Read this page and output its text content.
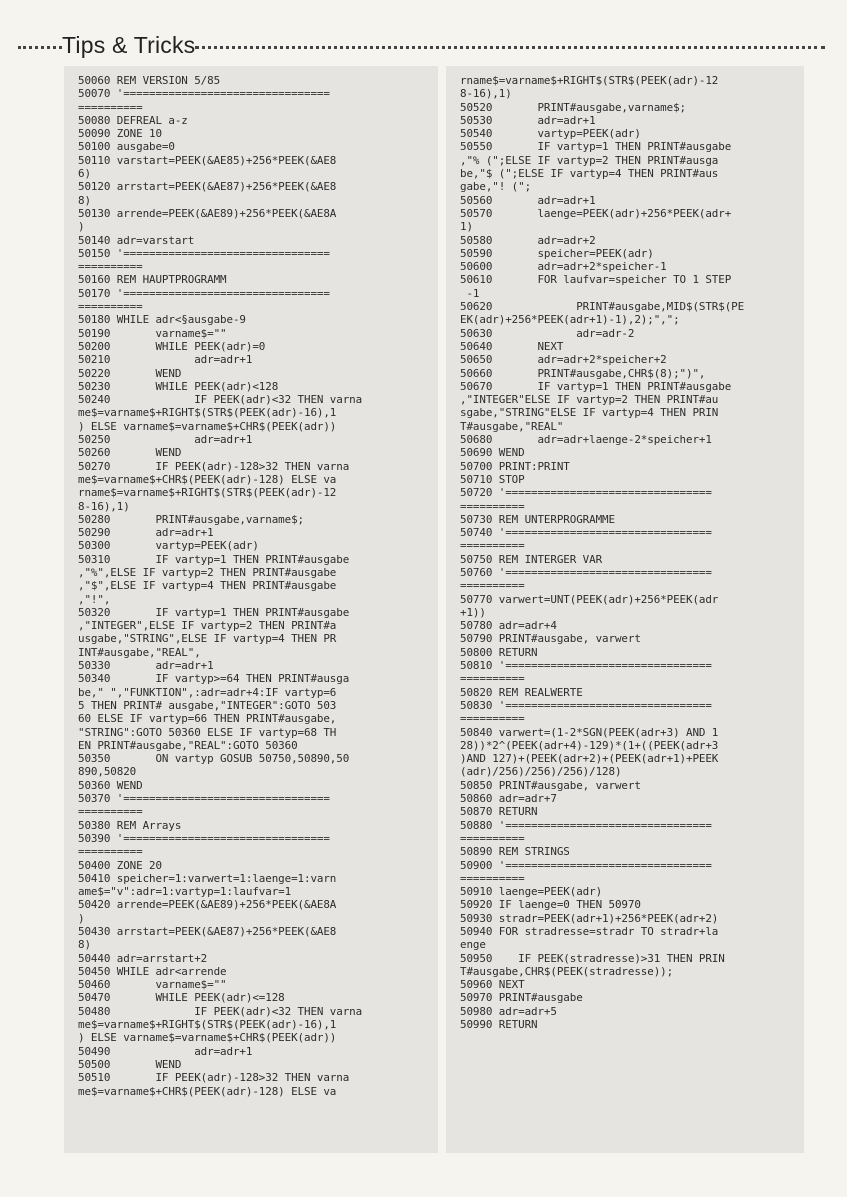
Tips & Tricks
50060 REM VERSION 5/85
50070 '================================
==========
50080 DEFREAL a-z
50090 ZONE 10
50100 ausgabe=0
50110 varstart=PEEK(&AE85)+256*PEEK(&AE8
6)
50120 arrstart=PEEK(&AE87)+256*PEEK(&AE8
8)
50130 arrende=PEEK(&AE89)+256*PEEK(&AE8A
)
50140 adr=varstart
50150 '================================
==========
50160 REM HAUPTPROGRAMM
50170 '================================
==========
50180 WHILE adr<§ausgabe-9
50190       varname$=""
50200       WHILE PEEK(adr)=0
50210             adr=adr+1
50220       WEND
50230       WHILE PEEK(adr)<128
50240             IF PEEK(adr)<32 THEN varna
me$=varname$+RIGHT$(STR$(PEEK(adr)-16),1
) ELSE varname$=varname$+CHR$(PEEK(adr))
50250             adr=adr+1
50260       WEND
50270       IF PEEK(adr)-128>32 THEN varna
me$=varname$+CHR$(PEEK(adr)-128) ELSE va
rname$=varname$+RIGHT$(STR$(PEEK(adr)-12
8-16),1)
50280       PRINT#ausgabe,varname$;
50290       adr=adr+1
50300       vartyp=PEEK(adr)
50310       IF vartyp=1 THEN PRINT#ausgabe
,"%",ELSE IF vartyp=2 THEN PRINT#ausgabe
,"$",ELSE IF vartyp=4 THEN PRINT#ausgabe
,"!",
50320       IF vartyp=1 THEN PRINT#ausgabe
,"INTEGER",ELSE IF vartyp=2 THEN PRINT#a
usgabe,"STRING",ELSE IF vartyp=4 THEN PR
INT#ausgabe,"REAL",
50330       adr=adr+1
50340       IF vartyp>=64 THEN PRINT#ausga
be," ","FUNKTION",:adr=adr+4:IF vartyp=6
5 THEN PRINT# ausgabe,"INTEGER":GOTO 503
60 ELSE IF vartyp=66 THEN PRINT#ausgabe,
"STRING":GOTO 50360 ELSE IF vartyp=68 TH
EN PRINT#ausgabe,"REAL":GOTO 50360
50350       ON vartyp GOSUB 50750,50890,50
890,50820
50360 WEND
50370 '================================
==========
50380 REM Arrays
50390 '================================
==========
50400 ZONE 20
50410 speicher=1:varwert=1:laenge=1:varn
ame$="v":adr=1:vartyp=1:laufvar=1
50420 arrende=PEEK(&AE89)+256*PEEK(&AE8A
)
50430 arrstart=PEEK(&AE87)+256*PEEK(&AE8
8)
50440 adr=arrstart+2
50450 WHILE adr<arrende
50460       varname$=""
50470       WHILE PEEK(adr)<=128
50480             IF PEEK(adr)<32 THEN varna
me$=varname$+RIGHT$(STR$(PEEK(adr)-16),1
) ELSE varname$=varname$+CHR$(PEEK(adr))
50490             adr=adr+1
50500       WEND
50510       IF PEEK(adr)-128>32 THEN varna
me$=varname$+CHR$(PEEK(adr)-128) ELSE va
rname$=varname$+RIGHT$(STR$(PEEK(adr)-12
8-16),1)
50520       PRINT#ausgabe,varname$;
50530       adr=adr+1
50540       vartyp=PEEK(adr)
50550       IF vartyp=1 THEN PRINT#ausgabe
,"% (";ELSE IF vartyp=2 THEN PRINT#ausga
be,"$ (";ELSE IF vartyp=4 THEN PRINT#aus
gabe,"! (";
50560       adr=adr+1
50570       laenge=PEEK(adr)+256*PEEK(adr+
1)
50580       adr=adr+2
50590       speicher=PEEK(adr)
50600       adr=adr+2*speicher-1
50610       FOR laufvar=speicher TO 1 STEP
-1
50620             PRINT#ausgabe,MID$(STR$(PE
EK(adr)+256*PEEK(adr+1)-1),2);",";
50630             adr=adr-2
50640       NEXT
50650       adr=adr+2*speicher+2
50660       PRINT#ausgabe,CHR$(8);")",
50670       IF vartyp=1 THEN PRINT#ausgabe
,"INTEGER"ELSE IF vartyp=2 THEN PRINT#au
sgabe,"STRING"ELSE IF vartyp=4 THEN PRIN
T#ausgabe,"REAL"
50680       adr=adr+laenge-2*speicher+1
50690 WEND
50700 PRINT:PRINT
50710 STOP
50720 '================================
==========
50730 REM UNTERPROGRAMME
50740 '================================
==========
50750 REM INTERGER VAR
50760 '================================
==========
50770 varwert=UNT(PEEK(adr)+256*PEEK(adr
+1))
50780 adr=adr+4
50790 PRINT#ausgabe, varwert
50800 RETURN
50810 '================================
==========
50820 REM REALWERTE
50830 '================================
==========
50840 varwert=(1-2*SGN(PEEK(adr+3) AND 1
28))*2^(PEEK(adr+4)-129)*(1+((PEEK(adr+3
)AND 127)+(PEEK(adr+2)+(PEEK(adr+1)+PEEK
(adr)/256)/256)/256)/128)
50850 PRINT#ausgabe, varwert
50860 adr=adr+7
50870 RETURN
50880 '================================
==========
50890 REM STRINGS
50900 '================================
==========
50910 laenge=PEEK(adr)
50920 IF laenge=0 THEN 50970
50930 stradr=PEEK(adr+1)+256*PEEK(adr+2)
50940 FOR stradresse=stradr TO stradr+la
enge
50950    IF PEEK(stradresse)>31 THEN PRIN
T#ausgabe,CHR$(PEEK(stradresse));
50960 NEXT
50970 PRINT#ausgabe
50980 adr=adr+5
50990 RETURN
